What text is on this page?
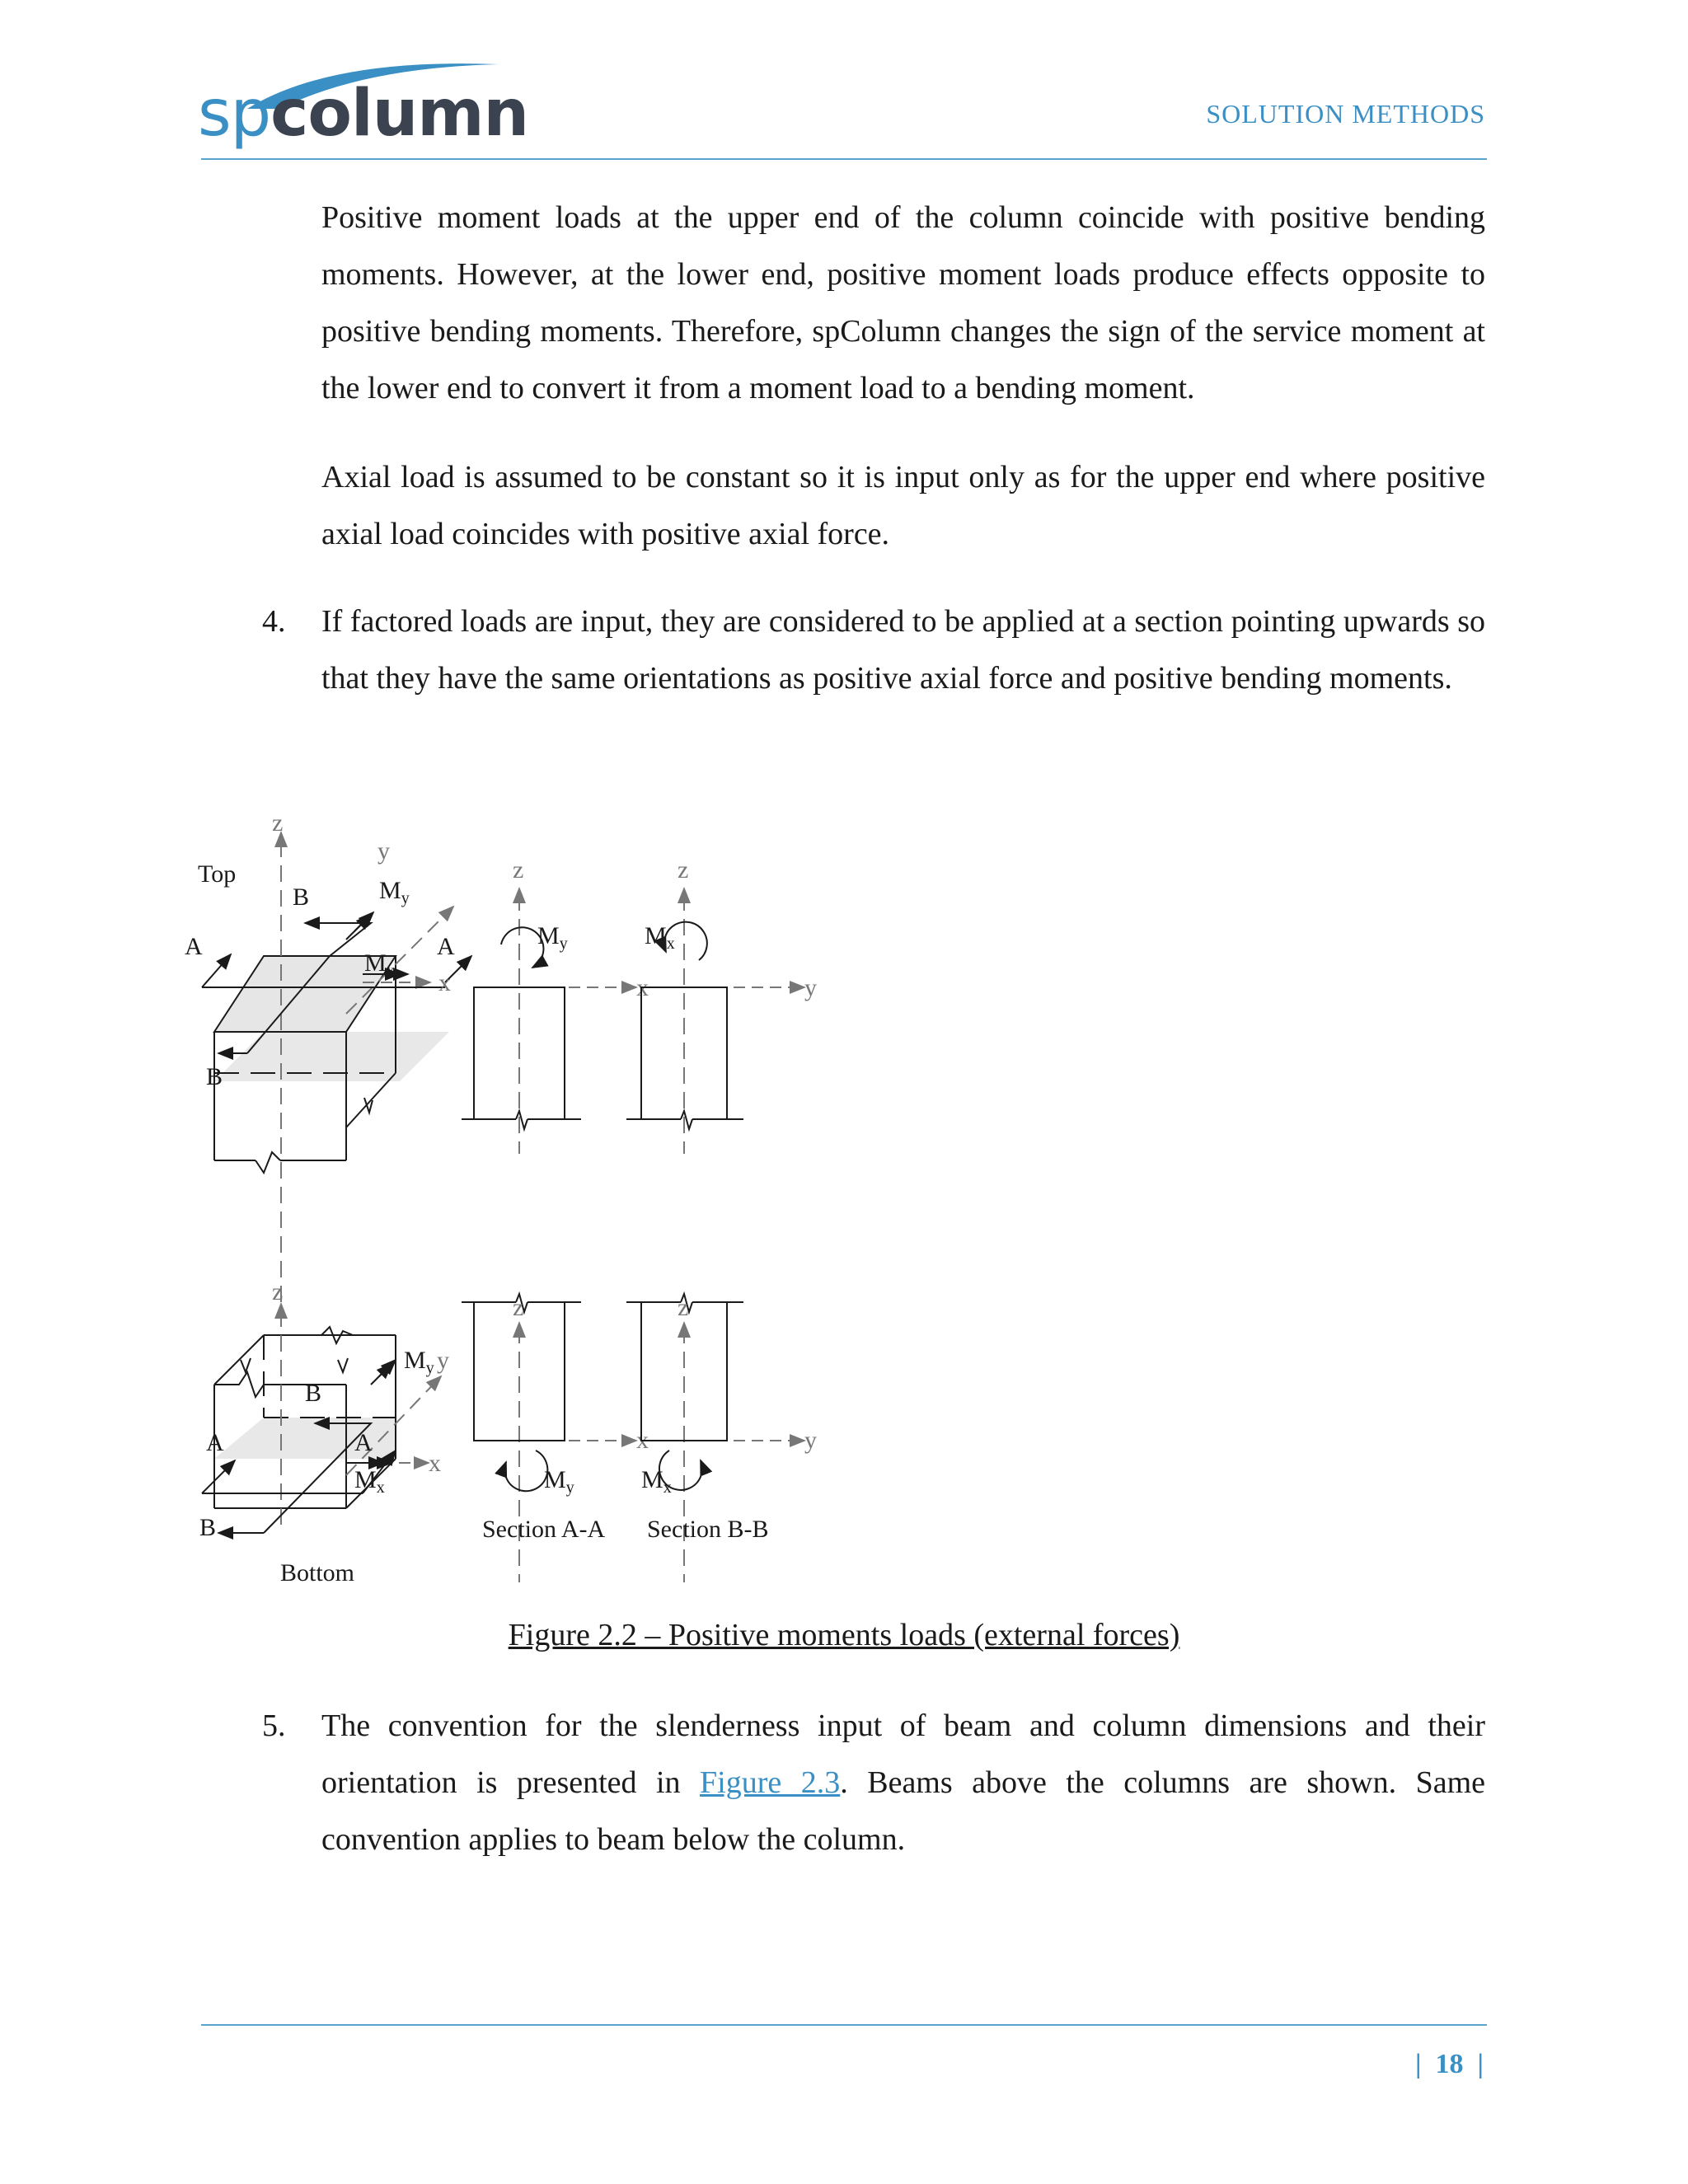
spcolumn	SOLUTION METHODS

Positive moment loads at the upper end of the column coincide with positive bending moments. However, at the lower end, positive moment loads produce effects opposite to positive bending moments. Therefore, spColumn changes the sign of the service moment at the lower end to convert it from a moment load to a bending moment.

Axial load is assumed to be constant so it is input only as for the upper end where positive axial load coincides with positive axial force.

4. If factored loads are input, they are considered to be applied at a section pointing upwards so that they have the same orientations as positive axial force and positive bending moments.

Top
B
A	A
B
z
y
x
$M_y$
$M_x$
z
x
$M_y$
z
y
$M_x$
z
y
x
B
A	A
B
Bottom
$M_y$
$M_x$
z
x
$M_y$
Section A-A
z
y
$M_x$
Section B-B
Figure 2.2 – Positive moments loads (external forces)
5. The convention for the slenderness input of beam and column dimensions and their orientation is presented in Figure 2.3. Beams above the columns are shown. Same convention applies to beam below the column.

| 18 |
